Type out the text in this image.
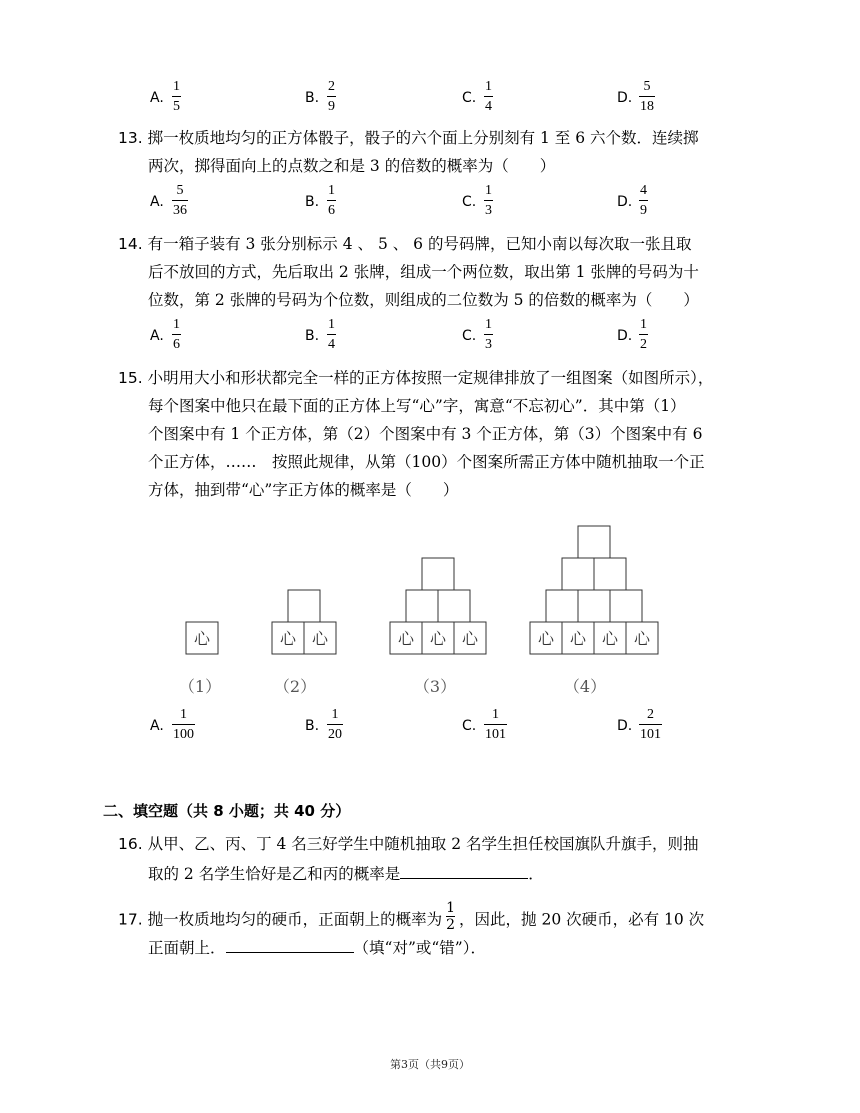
A.
1
5
B.
2
9
C.
1
4
D.
5
18
13. 掷一枚质地均匀的正方体骰子，骰子的六个面上分别刻有 1 至 6 六个数．连续掷
两次，掷得面向上的点数之和是 3 的倍数的概率为（　　）
A.
5
36
B.
1
6
C.
1
3
D.
4
9
14. 有一箱子装有 3 张分别标示 4 、 5 、 6 的号码牌，已知小南以每次取一张且取
后不放回的方式，先后取出 2 张牌，组成一个两位数，取出第 1 张牌的号码为十
位数，第 2 张牌的号码为个位数，则组成的二位数为 5 的倍数的概率为（　　）
A.
1
6
B.
1
4
C.
1
3
D.
1
2
15. 小明用大小和形状都完全一样的正方体按照一定规律排放了一组图案（如图所示），
每个图案中他只在最下面的正方体上写“心”字，寓意“不忘初心”．其中第（1）
个图案中有 1 个正方体，第（2）个图案中有 3 个正方体，第（3）个图案中有 6
个正方体，……　按照此规律，从第（100）个图案所需正方体中随机抽取一个正
方体，抽到带“心”字正方体的概率是（　　）
心
（1）
心 心
（2）
心 心 心
（3）
心 心 心 心
（4）
A.
1
100
B.
1
20
C.
1
101
D.
2
101
二、填空题（共 8 小题；共 40 分）
16. 从甲、乙、丙、丁 4 名三好学生中随机抽取 2 名学生担任校国旗队升旗手，则抽
取的 2 名学生恰好是乙和丙的概率是	．
17. 抛一枚质地均匀的硬币，正面朝上的概率为 $\frac{1}{2}$ ，因此，抛 20 次硬币，必有 10 次
正面朝上．	（填“对”或“错”）．
第3页（共9页）
